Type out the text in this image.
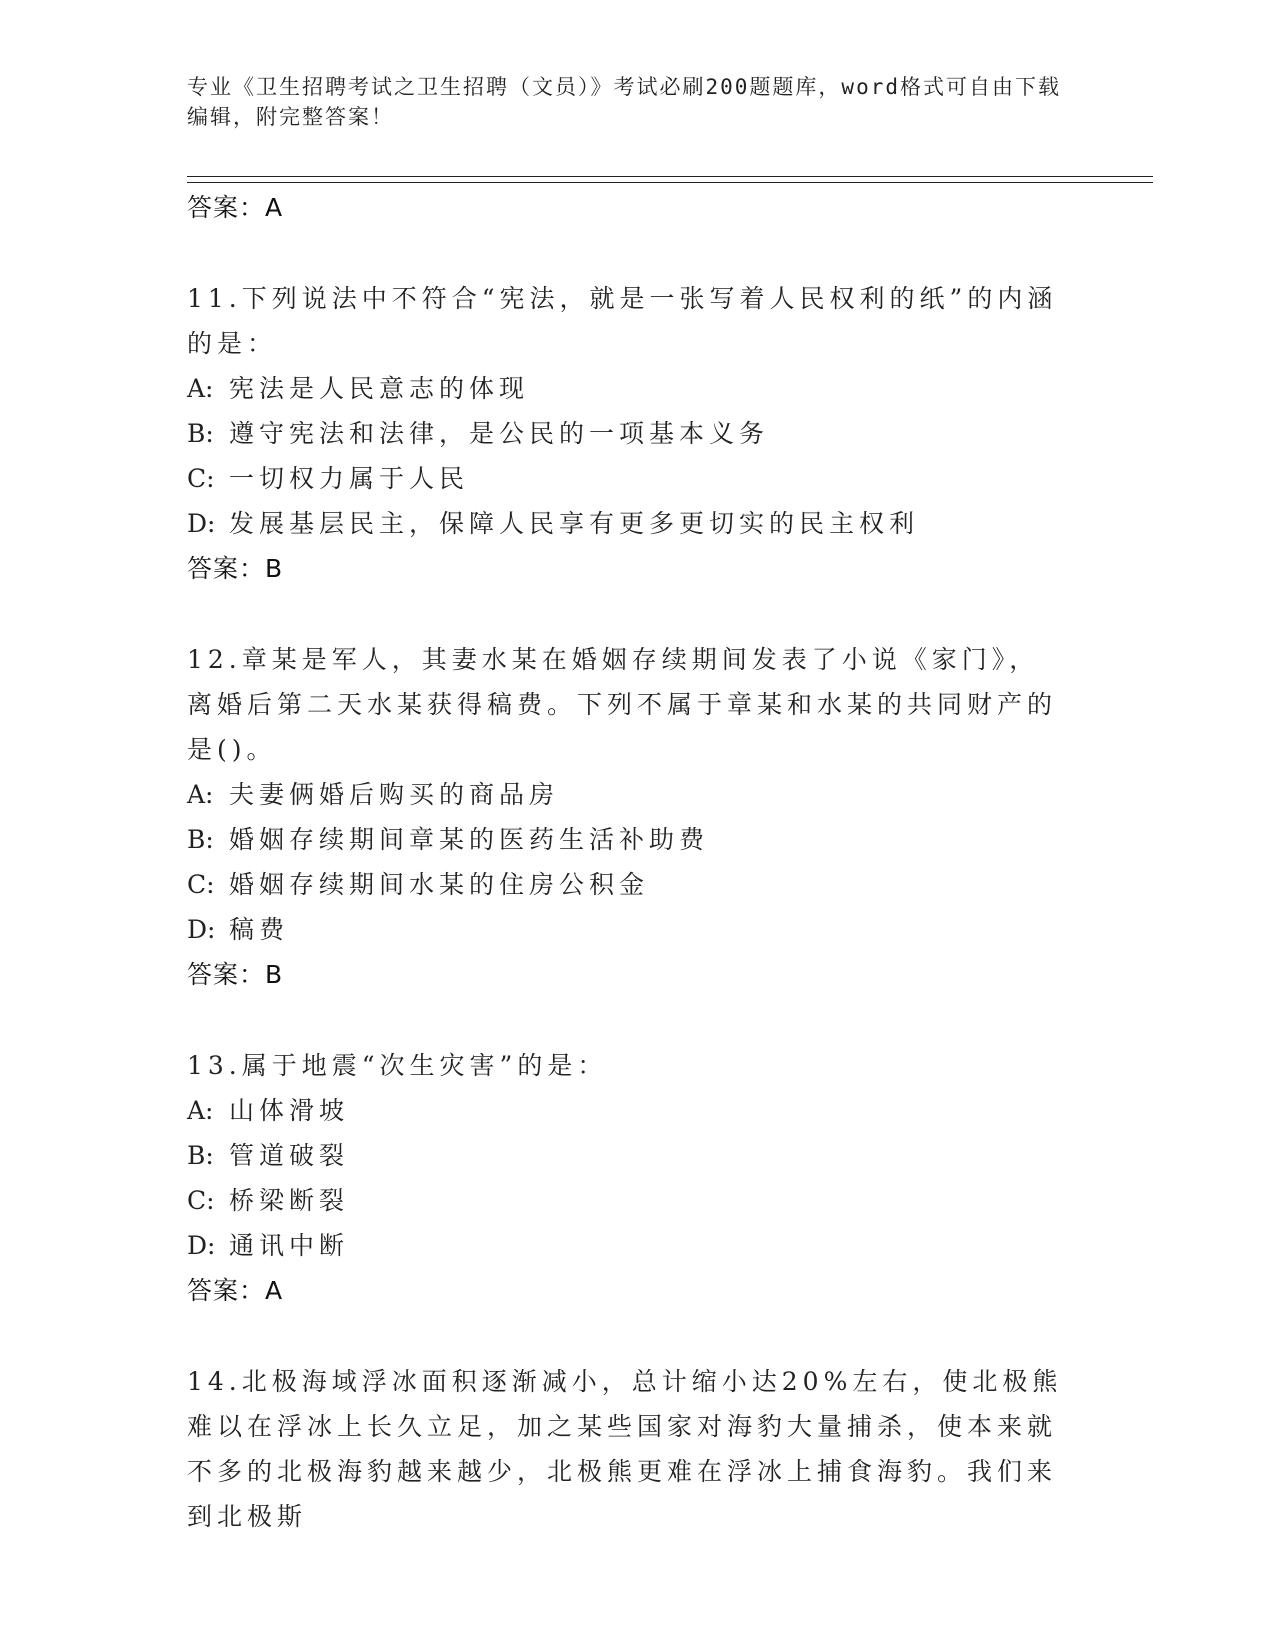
专业《卫生招聘考试之卫生招聘（文员）》考试必刷200题题库，word格式可自由下载编辑，附完整答案！
答案：A
11.下列说法中不符合“宪法，就是一张写着人民权利的纸”的内涵的是：
A: 宪法是人民意志的体现
B: 遵守宪法和法律，是公民的一项基本义务
C: 一切权力属于人民
D: 发展基层民主，保障人民享有更多更切实的民主权利
答案：B
12.章某是军人，其妻水某在婚姻存续期间发表了小说《家门》，离婚后第二天水某获得稿费。下列不属于章某和水某的共同财产的是()。
A: 夫妻俩婚后购买的商品房
B: 婚姻存续期间章某的医药生活补助费
C: 婚姻存续期间水某的住房公积金
D: 稿费
答案：B
13.属于地震“次生灾害”的是：
A: 山体滑坡
B: 管道破裂
C: 桥梁断裂
D: 通讯中断
答案：A
14.北极海域浮冰面积逐渐减小，总计缩小达20%左右，使北极熊难以在浮冰上长久立足，加之某些国家对海豹大量捕杀，使本来就不多的北极海豹越来越少，北极熊更难在浮冰上捕食海豹。我们来到北极斯
